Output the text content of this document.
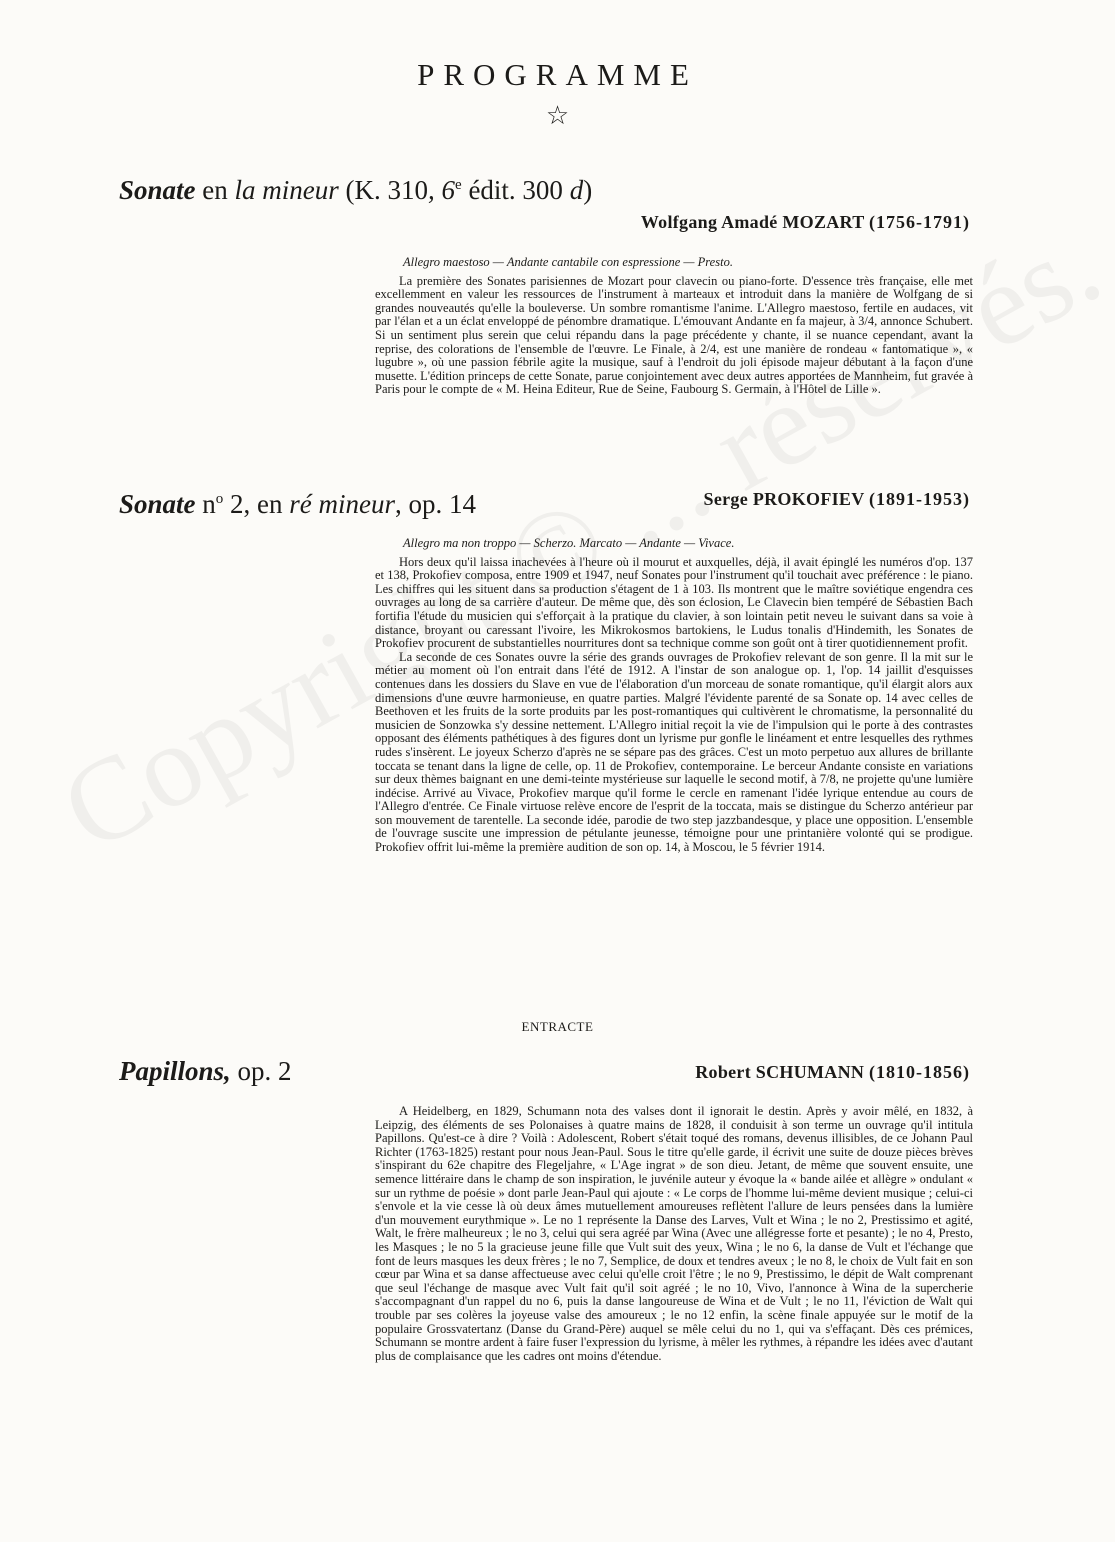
PROGRAMME
☆
Sonate en la mineur (K. 310, 6e édit. 300 d)
Wolfgang Amadé MOZART (1756-1791)

Allegro maestoso — Andante cantabile con espressione — Presto.

La première des Sonates parisiennes de Mozart pour clavecin ou piano-forte. D'essence très française, elle met excellemment en valeur les ressources de l'instrument à marteaux et introduit dans la manière de Wolfgang de si grandes nouveautés qu'elle la bouleverse. Un sombre romantisme l'anime. L'Allegro maestoso, fertile en audaces, vit par l'élan et a un éclat enveloppé de pénombre dramatique. L'émouvant Andante en fa majeur, à 3/4, annonce Schubert. Si un sentiment plus serein que celui répandu dans la page précédente y chante, il se nuance cependant, avant la reprise, des colorations de l'ensemble de l'œuvre. Le Finale, à 2/4, est une manière de rondeau « fantomatique », « lugubre », où une passion fébrile agite la musique, sauf à l'endroit du joli épisode majeur débutant à la façon d'une musette. L'édition princeps de cette Sonate, parue conjointement avec deux autres apportées de Mannheim, fut gravée à Paris pour le compte de « M. Heina Editeur, Rue de Seine, Faubourg S. Germain, à l'Hôtel de Lille ».

Sonate $n^o$ 2, en ré mineur, op. 14	Serge PROKOFIEV (1891-1953)

Allegro ma non troppo — Scherzo. Marcato — Andante — Vivace.

Hors deux qu'il laissa inachevées à l'heure où il mourut et auxquelles, déjà, il avait épinglé les numéros d'op. 137 et 138, Prokofiev composa, entre 1909 et 1947, neuf Sonates pour l'instrument qu'il touchait avec préférence : le piano. Les chiffres qui les situent dans sa production s'étagent de 1 à 103. Ils montrent que le maître soviétique engendra ces ouvrages au long de sa carrière d'auteur. De même que, dès son éclosion, Le Clavecin bien tempéré de Sébastien Bach fortifia l'étude du musicien qui s'efforçait à la pratique du clavier, à son lointain petit neveu le suivant dans sa voie à distance, broyant ou caressant l'ivoire, les Mikrokosmos bartokiens, le Ludus tonalis d'Hindemith, les Sonates de Prokofiev procurent de substantielles nourritures dont sa technique comme son goût ont à tirer quotidiennement profit.

La seconde de ces Sonates ouvre la série des grands ouvrages de Prokofiev relevant de son genre. Il la mit sur le métier au moment où l'on entrait dans l'été de 1912. A l'instar de son analogue op. 1, l'op. 14 jaillit d'esquisses contenues dans les dossiers du Slave en vue de l'élaboration d'un morceau de sonate romantique, qu'il élargit alors aux dimensions d'une œuvre harmonieuse, en quatre parties. Malgré l'évidente parenté de sa Sonate op. 14 avec celles de Beethoven et les fruits de la sorte produits par les post-romantiques qui cultivèrent le chromatisme, la personnalité du musicien de Sonzowka s'y dessine nettement. L'Allegro initial reçoit la vie de l'impulsion qui le porte à des contrastes opposant des éléments pathétiques à des figures dont un lyrisme pur gonfle le linéament et entre lesquelles des rythmes rudes s'insèrent. Le joyeux Scherzo d'après ne se sépare pas des grâces. C'est un moto perpetuo aux allures de brillante toccata se tenant dans la ligne de celle, op. 11 de Prokofiev, contemporaine. Le berceur Andante consiste en variations sur deux thèmes baignant en une demi-teinte mystérieuse sur laquelle le second motif, à 7/8, ne projette qu'une lumière indécise. Arrivé au Vivace, Prokofiev marque qu'il forme le cercle en ramenant l'idée lyrique entendue au cours de l'Allegro d'entrée. Ce Finale virtuose relève encore de l'esprit de la toccata, mais se distingue du Scherzo antérieur par son mouvement de tarentelle. La seconde idée, parodie de two step jazzbandesque, y place une opposition. L'ensemble de l'ouvrage suscite une impression de pétulante jeunesse, témoigne pour une printanière volonté qui se prodigue. Prokofiev offrit lui-même la première audition de son op. 14, à Moscou, le 5 février 1914.

ENTRACTE
Papillons, op. 2	Robert SCHUMANN (1810-1856)

A Heidelberg, en 1829, Schumann nota des valses dont il ignorait le destin. Après y avoir mêlé, en 1832, à Leipzig, des éléments de ses Polonaises à quatre mains de 1828, il conduisit à son terme un ouvrage qu'il intitula Papillons. Qu'est-ce à dire ? Voilà : Adolescent, Robert s'était toqué des romans, devenus illisibles, de ce Johann Paul Richter (1763-1825) restant pour nous Jean-Paul. Sous le titre qu'elle garde, il écrivit une suite de douze pièces brèves s'inspirant du 62e chapitre des Flegeljahre, « L'Age ingrat » de son dieu. Jetant, de même que souvent ensuite, une semence littéraire dans le champ de son inspiration, le juvénile auteur y évoque la « bande ailée et allègre » ondulant « sur un rythme de poésie » dont parle Jean-Paul qui ajoute : « Le corps de l'homme lui-même devient musique ; celui-ci s'envole et la vie cesse là où deux âmes mutuellement amoureuses reflètent l'allure de leurs pensées dans la lumière d'un mouvement eurythmique ». Le no 1 représente la Danse des Larves, Vult et Wina ; le no 2, Prestissimo et agité, Walt, le frère malheureux ; le no 3, celui qui sera agréé par Wina (Avec une allégresse forte et pesante) ; le no 4, Presto, les Masques ; le no 5 la gracieuse jeune fille que Vult suit des yeux, Wina ; le no 6, la danse de Vult et l'échange que font de leurs masques les deux frères ; le no 7, Semplice, de doux et tendres aveux ; le no 8, le choix de Vult fait en son cœur par Wina et sa danse affectueuse avec celui qu'elle croit l'être ; le no 9, Prestissimo, le dépit de Walt comprenant que seul l'échange de masque avec Vult fait qu'il soit agréé ; le no 10, Vivo, l'annonce à Wina de la supercherie s'accompagnant d'un rappel du no 6, puis la danse langoureuse de Wina et de Vult ; le no 11, l'éviction de Walt qui trouble par ses colères la joyeuse valse des amoureux ; le no 12 enfin, la scène finale appuyée sur le motif de la populaire Grossvatertanz (Danse du Grand-Père) auquel se mêle celui du no 1, qui va s'effaçant. Dès ces prémices, Schumann se montre ardent à faire fuser l'expression du lyrisme, à mêler les rythmes, à répandre les idées avec d'autant plus de complaisance que les cadres ont moins d'étendue.
